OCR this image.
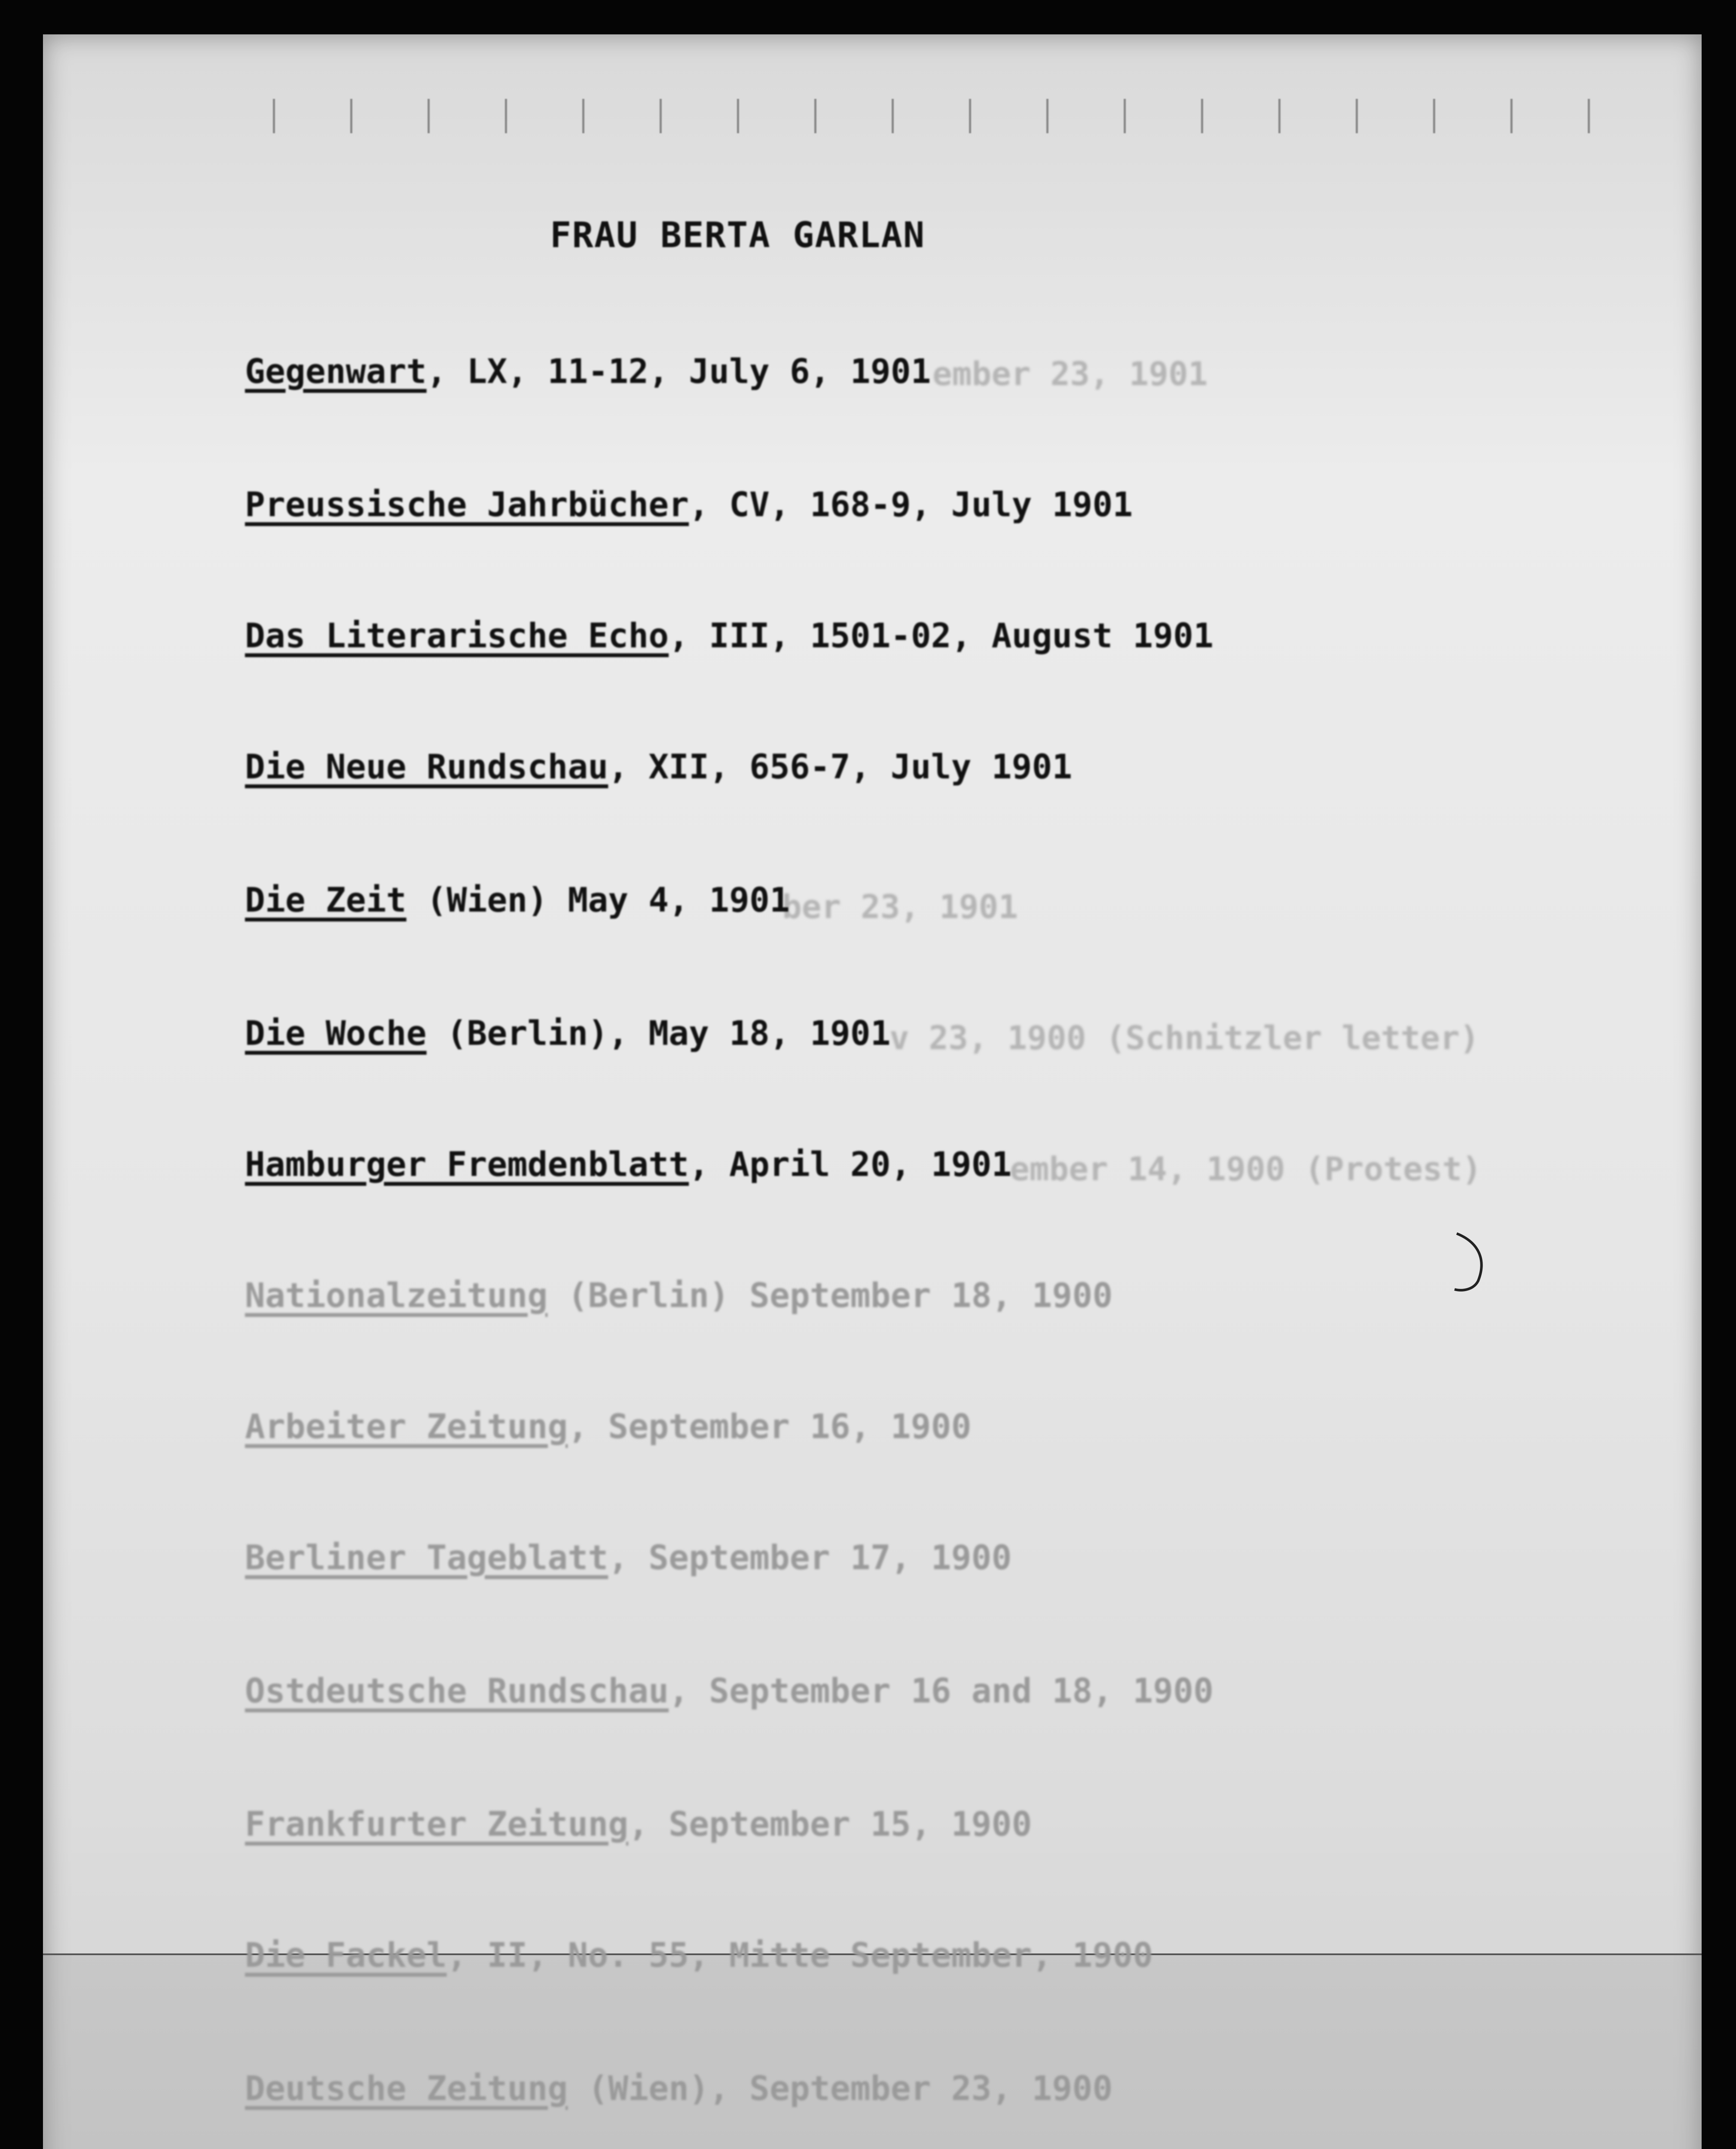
FRAU BERTA GARLAN
ember 23, 1901
ber 23, 1901
v 23, 1900 (Schnitzler letter)
ember 14, 1900 (Protest)
Gegenwart, LX, 11-12, July 6, 1901
Preussische Jahrbücher, CV, 168-9, July 1901
Das Literarische Echo, III, 1501-02, August 1901
Die Neue Rundschau, XII, 656-7, July 1901
Die Zeit (Wien) May 4, 1901
Die Woche (Berlin), May 18, 1901
Hamburger Fremdenblatt, April 20, 1901
Nationalzeitung (Berlin) September 18, 1900
Arbeiter Zeitung, September 16, 1900
Berliner Tageblatt, September 17, 1900
Ostdeutsche Rundschau, September 16 and 18, 1900
Frankfurter Zeitung, September 15, 1900
Die Fackel, II, No. 55, Mitte September, 1900
Deutsche Zeitung (Wien), September 23, 1900
